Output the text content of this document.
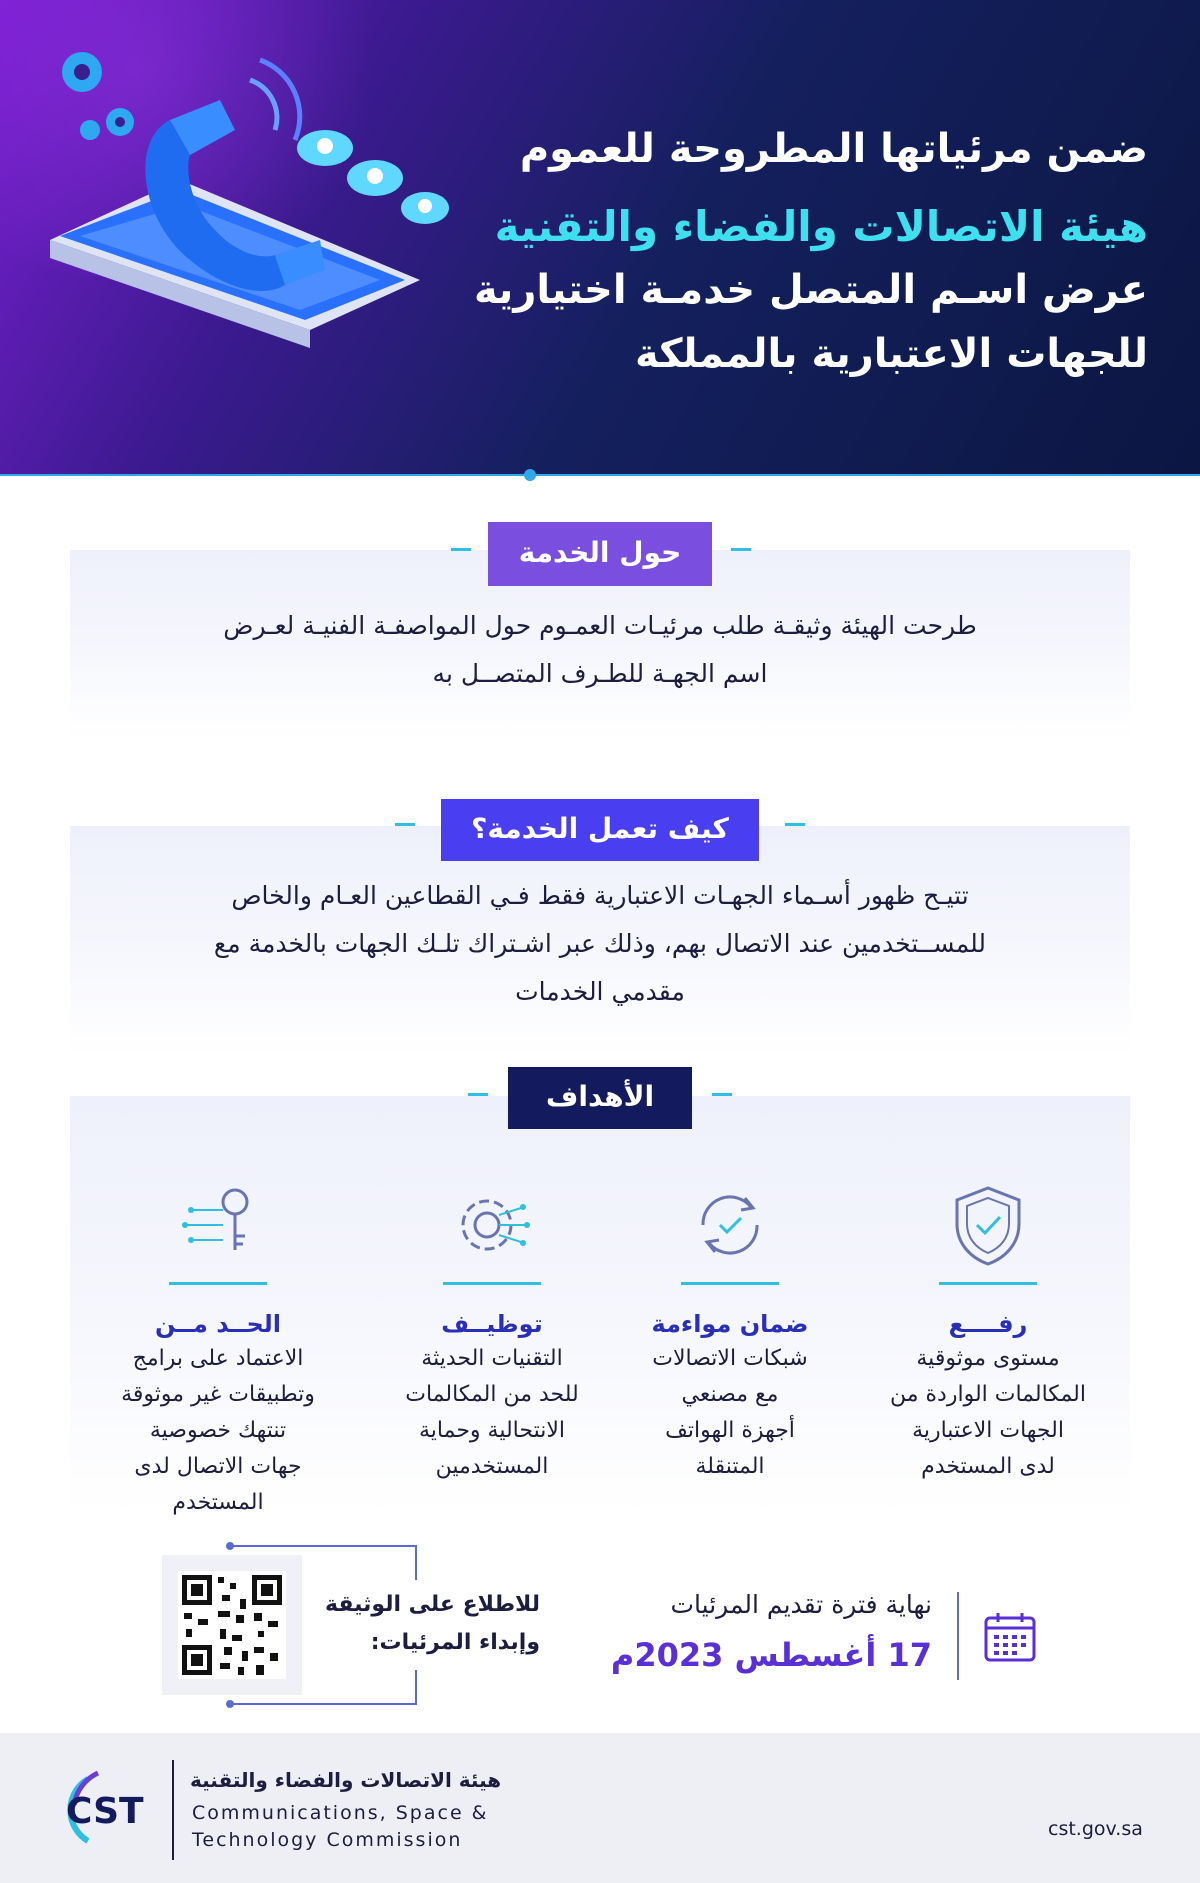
ضمن مرئياتها المطروحة للعموم
هيئة الاتصالات والفضاء والتقنية
عرض اسـم المتصل خدمـة اختيارية
للجهات الاعتبارية بالمملكة
حول الخدمة
طرحت الهيئة وثيقـة طلب مرئيـات العمـوم حول المواصفـة الفنيـة لعـرض
اسم الجهـة للطـرف المتصــل به
كيف تعمل الخدمة؟
تتيـح ظهور أسـماء الجهـات الاعتبارية فقط فـي القطاعين العـام والخاص
للمســتخدمين عند الاتصال بهم، وذلك عبر اشـتراك تلـك الجهات بالخدمة مع
مقدمي الخدمات
الأهداف
رفــــع
مستوى موثوقية
المكالمات الواردة من
الجهات الاعتبارية
لدى المستخدم
ضمان مواءمة
شبكات الاتصالات
مع مصنعي
أجهزة الهواتف
المتنقلة
توظيــف
التقنيات الحديثة
للحد من المكالمات
الانتحالية وحماية
المستخدمين
الحــد مــن
الاعتماد على برامج
وتطبيقات غير موثوقة
تنتهك خصوصية
جهات الاتصال لدى
المستخدم
للاطلاع على الوثيقة
وإبداء المرئيات:
نهاية فترة تقديم المرئيات
17 أغسطس 2023م
CST
هيئة الاتصالات والفضاء والتقنية
Communications, Space &
Technology Commission	cst.gov.sa
